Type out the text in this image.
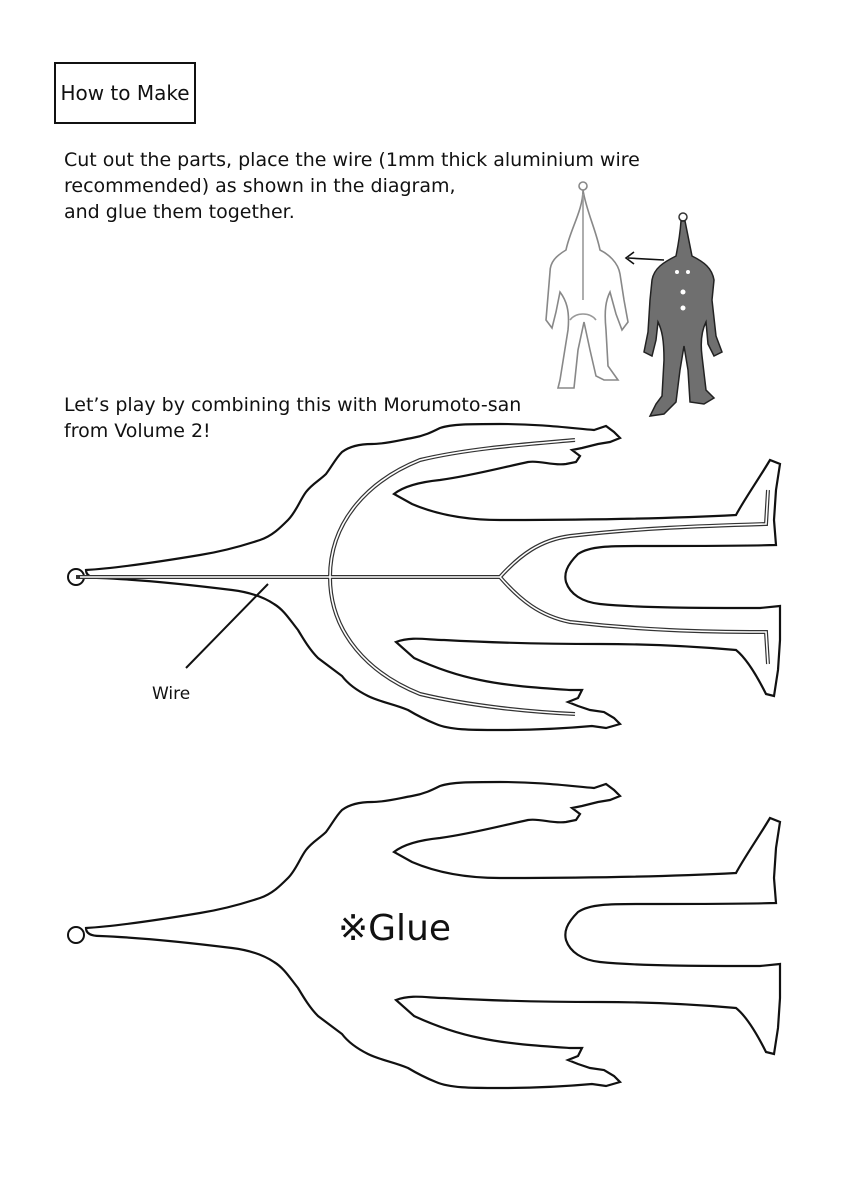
How to Make
Cut out the parts, place the wire (1mm thick aluminium wire
recommended) as shown in the diagram,
and glue them together.
Let’s play by combining this with Morumoto-san
from Volume 2!
Wire
※Glue
